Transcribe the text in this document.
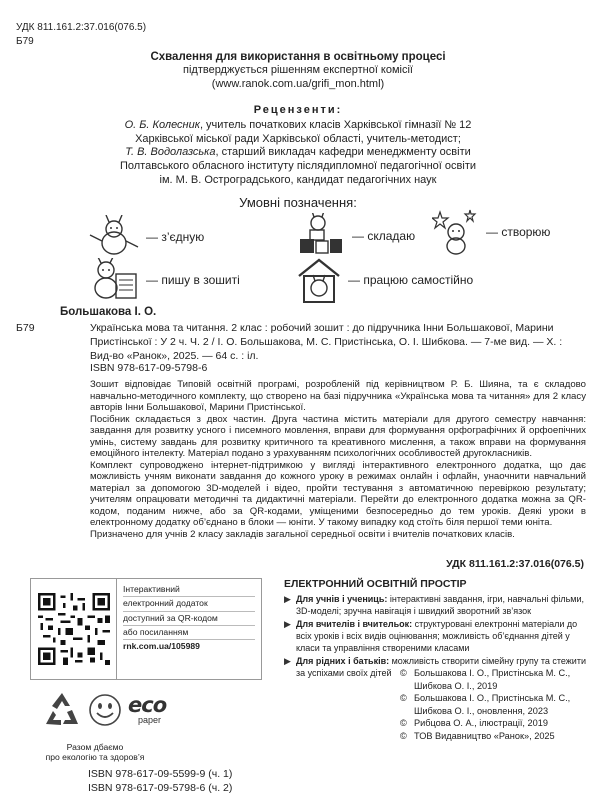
УДК 811.161.2:37.016(076.5)
Б79
Схвалення для використання в освітньому процесі
підтверджується рішенням експертної комісії
(www.ranok.com.ua/grifi_mon.html)
Рецензенти:
О. Б. Колесник, учитель початкових класів Харківської гімназії № 12
Харківської міської ради Харківської області, учитель-методист;
Т. В. Водолазська, старший викладач кафедри менеджменту освіти
Полтавського обласного інституту післядипломної педагогічної освіти
ім. М. В. Остроградського, кандидат педагогічних наук
Умовні позначення:
— з’єдную	— складаю	— створюю
— пишу в зошиті	— працюю самостійно
Большакова І. О.
Б79	Українська мова та читання. 2 клас : робочий зошит : до підручника Інни Большакової, Марини Пристінської : У 2 ч. Ч. 2 / І. О. Большакова, М. С. Пристінська, О. І. Шибкова. — 7-ме вид. — Х. : Вид-во «Ранок», 2025. — 64 с. : іл.
ISBN 978-617-09-5798-6

Зошит відповідає Типовій освітній програмі, розробленій під керівництвом Р. Б. Шияна, та є складово навчально-методичного комплекту, що створено на базі підручника «Українська мова та читання» для 2 класу авторів Інни Большакової, Марини Пристінської.

Посібник складається з двох частин. Друга частина містить матеріали для другого семестру навчання: завдання для розвитку усного і писемного мовлення, вправи для формування орфографічних й орфоепічних умінь, систему завдань для розвитку критичного та креативного мислення, а також вправи на формування емоційного інтелекту. Матеріал подано з урахуванням психологічних особливостей другокласників.

Комплект супроводжено інтернет-підтримкою у вигляді інтерактивного електронного додатка, що дає можливість учням виконати завдання до кожного уроку в режимах онлайн і офлайн, унаочнити навчальний матеріал за допомогою 3D-моделей і відео, пройти тестування з автоматичною перевіркою результату; учителям опрацювати методичні та дидактичні матеріали. Перейти до електронного додатка можна за QR-кодом, поданим нижче, або за QR-кодами, уміщеними безпосередньо до тем уроків. Деякі уроки в електронному додатку об’єднано в блоки — юніти. У такому випадку код стоїть біля першої теми юніта.

Призначено для учнів 2 класу закладів загальної середньої освіти і вчителів початкових класів.

УДК 811.161.2:37.016(076.5)
Інтерактивний
електронний додаток
доступний за QR-кодом
або посиланням
rnk.com.ua/105989
eco
paper
Разом дбаємо
про екологію та здоров’я
ISBN 978-617-09-5599-9 (ч. 1)
ISBN 978-617-09-5798-6 (ч. 2)
ЕЛЕКТРОННИЙ ОСВІТНІЙ ПРОСТІР
▶ Для учнів і учениць: інтерактивні завдання, ігри, навчальні фільми, 3D-моделі; зручна навігація і швидкий зворотний зв’язок
▶ Для вчителів і вчительок: структуровані електронні матеріали до всіх уроків і всіх видів оцінювання; можливість об’єднання дітей у класи та управління створеними класами
▶ Для рідних і батьків: можливість створити сімейну групу та стежити за успіхами своїх дітей © Большакова І. О., Пристінська М. С.,
Шибкова О. І., 2019
© Большакова І. О., Пристінська М. С.,
Шибкова О. І., оновлення, 2023
© Рибцова О. А., ілюстрації, 2019
© ТОВ Видавництво «Ранок», 2025
